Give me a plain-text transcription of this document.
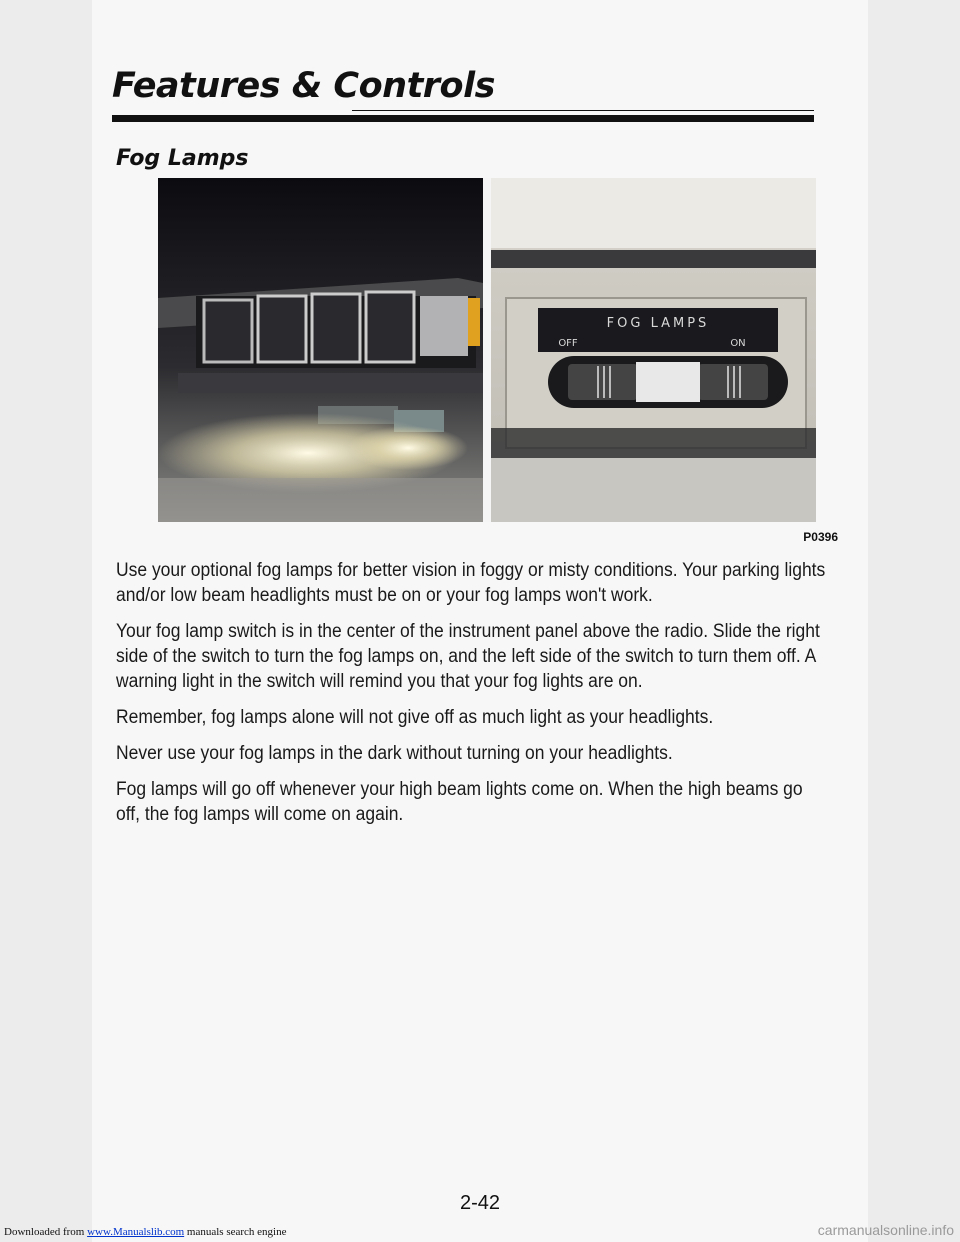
Features & Controls
Fog Lamps
FOG LAMPS
OFF	ON
P0396

Use your optional fog lamps for better vision in foggy or misty conditions. Your parking lights and/or low beam headlights must be on or your fog lamps won't work.

Your fog lamp switch is in the center of the instrument panel above the radio. Slide the right side of the switch to turn the fog lamps on, and the left side of the switch to turn them off. A warning light in the switch will remind you that your fog lights are on.

Remember, fog lamps alone will not give off as much light as your headlights.

Never use your fog lamps in the dark without turning on your headlights.

Fog lamps will go off whenever your high beam lights come on. When the high beams go off, the fog lamps will come on again.

2-42
Downloaded from www.Manualslib.com manuals search engine	carmanualsonline.info
